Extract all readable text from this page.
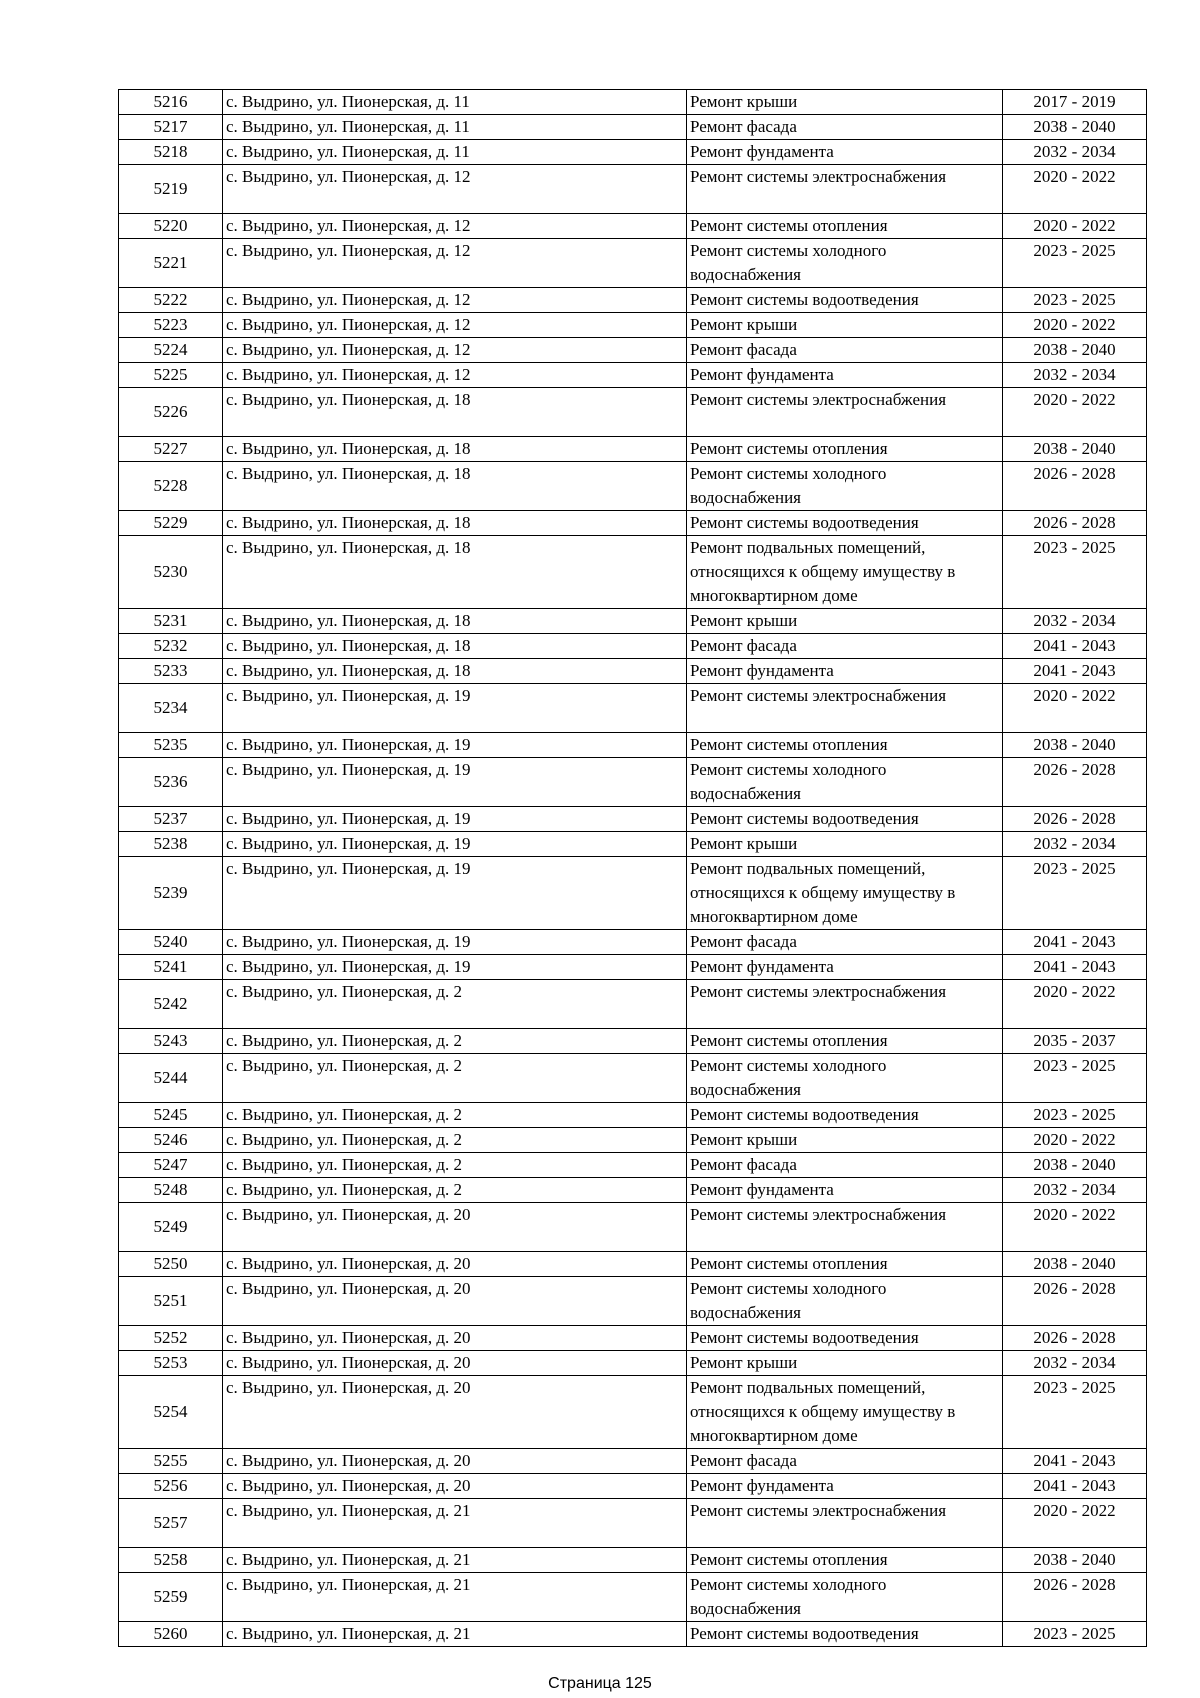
5216	с. Выдрино, ул. Пионерская, д. 11	Ремонт крыши	2017 - 2019
5217	с. Выдрино, ул. Пионерская, д. 11	Ремонт фасада	2038 - 2040
5218	с. Выдрино, ул. Пионерская, д. 11	Ремонт фундамента	2032 - 2034
5219	с. Выдрино, ул. Пионерская, д. 12	Ремонт системы электроснабжения	2020 - 2022
5220	с. Выдрино, ул. Пионерская, д. 12	Ремонт системы отопления	2020 - 2022
5221	с. Выдрино, ул. Пионерская, д. 12	Ремонт системы холодного водоснабжения	2023 - 2025
5222	с. Выдрино, ул. Пионерская, д. 12	Ремонт системы водоотведения	2023 - 2025
5223	с. Выдрино, ул. Пионерская, д. 12	Ремонт крыши	2020 - 2022
5224	с. Выдрино, ул. Пионерская, д. 12	Ремонт фасада	2038 - 2040
5225	с. Выдрино, ул. Пионерская, д. 12	Ремонт фундамента	2032 - 2034
5226	с. Выдрино, ул. Пионерская, д. 18	Ремонт системы электроснабжения	2020 - 2022
5227	с. Выдрино, ул. Пионерская, д. 18	Ремонт системы отопления	2038 - 2040
5228	с. Выдрино, ул. Пионерская, д. 18	Ремонт системы холодного водоснабжения	2026 - 2028
5229	с. Выдрино, ул. Пионерская, д. 18	Ремонт системы водоотведения	2026 - 2028
5230	с. Выдрино, ул. Пионерская, д. 18	Ремонт подвальных помещений, относящихся к общему имуществу в многоквартирном доме	2023 - 2025
5231	с. Выдрино, ул. Пионерская, д. 18	Ремонт крыши	2032 - 2034
5232	с. Выдрино, ул. Пионерская, д. 18	Ремонт фасада	2041 - 2043
5233	с. Выдрино, ул. Пионерская, д. 18	Ремонт фундамента	2041 - 2043
5234	с. Выдрино, ул. Пионерская, д. 19	Ремонт системы электроснабжения	2020 - 2022
5235	с. Выдрино, ул. Пионерская, д. 19	Ремонт системы отопления	2038 - 2040
5236	с. Выдрино, ул. Пионерская, д. 19	Ремонт системы холодного водоснабжения	2026 - 2028
5237	с. Выдрино, ул. Пионерская, д. 19	Ремонт системы водоотведения	2026 - 2028
5238	с. Выдрино, ул. Пионерская, д. 19	Ремонт крыши	2032 - 2034
5239	с. Выдрино, ул. Пионерская, д. 19	Ремонт подвальных помещений, относящихся к общему имуществу в многоквартирном доме	2023 - 2025
5240	с. Выдрино, ул. Пионерская, д. 19	Ремонт фасада	2041 - 2043
5241	с. Выдрино, ул. Пионерская, д. 19	Ремонт фундамента	2041 - 2043
5242	с. Выдрино, ул. Пионерская, д. 2	Ремонт системы электроснабжения	2020 - 2022
5243	с. Выдрино, ул. Пионерская, д. 2	Ремонт системы отопления	2035 - 2037
5244	с. Выдрино, ул. Пионерская, д. 2	Ремонт системы холодного водоснабжения	2023 - 2025
5245	с. Выдрино, ул. Пионерская, д. 2	Ремонт системы водоотведения	2023 - 2025
5246	с. Выдрино, ул. Пионерская, д. 2	Ремонт крыши	2020 - 2022
5247	с. Выдрино, ул. Пионерская, д. 2	Ремонт фасада	2038 - 2040
5248	с. Выдрино, ул. Пионерская, д. 2	Ремонт фундамента	2032 - 2034
5249	с. Выдрино, ул. Пионерская, д. 20	Ремонт системы электроснабжения	2020 - 2022
5250	с. Выдрино, ул. Пионерская, д. 20	Ремонт системы отопления	2038 - 2040
5251	с. Выдрино, ул. Пионерская, д. 20	Ремонт системы холодного водоснабжения	2026 - 2028
5252	с. Выдрино, ул. Пионерская, д. 20	Ремонт системы водоотведения	2026 - 2028
5253	с. Выдрино, ул. Пионерская, д. 20	Ремонт крыши	2032 - 2034
5254	с. Выдрино, ул. Пионерская, д. 20	Ремонт подвальных помещений, относящихся к общему имуществу в многоквартирном доме	2023 - 2025
5255	с. Выдрино, ул. Пионерская, д. 20	Ремонт фасада	2041 - 2043
5256	с. Выдрино, ул. Пионерская, д. 20	Ремонт фундамента	2041 - 2043
5257	с. Выдрино, ул. Пионерская, д. 21	Ремонт системы электроснабжения	2020 - 2022
5258	с. Выдрино, ул. Пионерская, д. 21	Ремонт системы отопления	2038 - 2040
5259	с. Выдрино, ул. Пионерская, д. 21	Ремонт системы холодного водоснабжения	2026 - 2028
5260	с. Выдрино, ул. Пионерская, д. 21	Ремонт системы водоотведения	2023 - 2025
Страница 125
